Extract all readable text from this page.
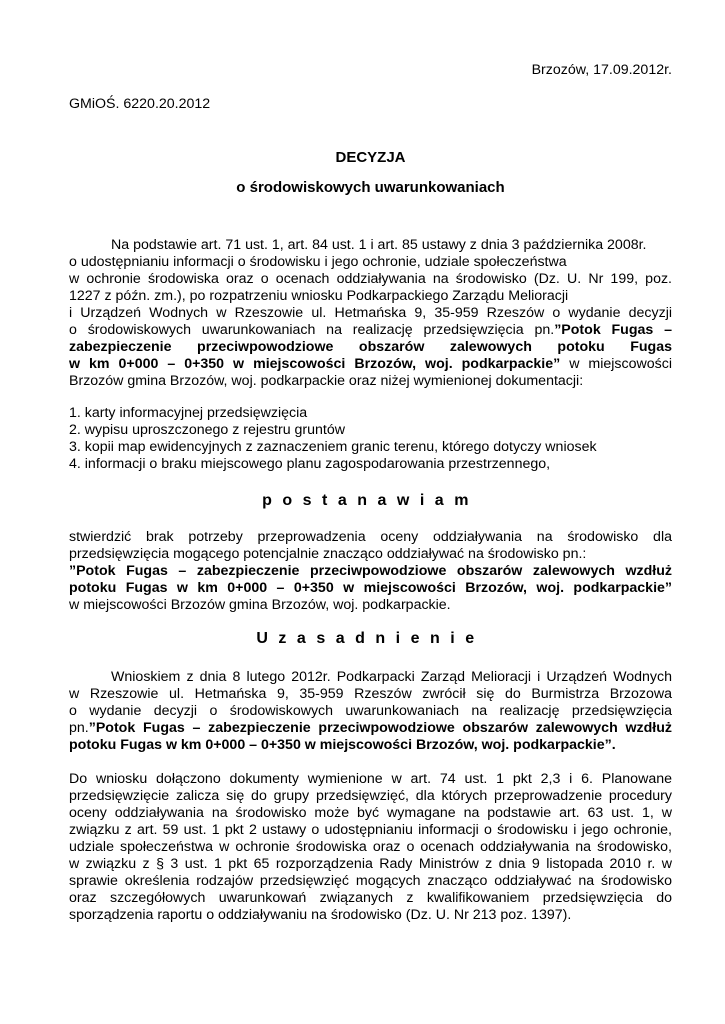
Brzozów, 17.09.2012r.
GMiOŚ. 6220.20.2012
DECYZJA
o środowiskowych uwarunkowaniach
Na podstawie art. 71 ust. 1, art. 84 ust. 1 i art. 85 ustawy z dnia 3 października 2008r.
o udostępnianiu informacji o środowisku i jego ochronie, udziale społeczeństwa
w ochronie środowiska oraz o ocenach oddziaływania na środowisko (Dz. U. Nr 199, poz.
1227 z późn. zm.), po rozpatrzeniu wniosku Podkarpackiego Zarządu Melioracji
i Urządzeń Wodnych w Rzeszowie ul. Hetmańska 9, 35-959 Rzeszów o wydanie decyzji
o środowiskowych uwarunkowaniach na realizację przedsięwzięcia pn.”Potok Fugas –
zabezpieczenie przeciwpowodziowe obszarów zalewowych potoku Fugas
w km 0+000 – 0+350 w miejscowości Brzozów, woj. podkarpackie” w miejscowości
Brzozów gmina Brzozów, woj. podkarpackie oraz niżej wymienionej dokumentacji:
1. karty informacyjnej przedsięwzięcia
2. wypisu uproszczonego z rejestru gruntów
3. kopii map ewidencyjnych z zaznaczeniem granic terenu, którego dotyczy wniosek
4. informacji o braku miejscowego planu zagospodarowania przestrzennego,
postanawiam
stwierdzić brak potrzeby przeprowadzenia oceny oddziaływania na środowisko dla
przedsięwzięcia mogącego potencjalnie znacząco oddziaływać na środowisko pn.:
”Potok Fugas – zabezpieczenie przeciwpowodziowe obszarów zalewowych wzdłuż
potoku Fugas w km 0+000 – 0+350 w miejscowości Brzozów, woj. podkarpackie”
w miejscowości Brzozów gmina Brzozów, woj. podkarpackie.
Uzasadnienie
Wnioskiem z dnia 8 lutego 2012r. Podkarpacki Zarząd Melioracji i Urządzeń Wodnych
w Rzeszowie ul. Hetmańska 9, 35-959 Rzeszów zwrócił się do Burmistrza Brzozowa
o wydanie decyzji o środowiskowych uwarunkowaniach na realizację przedsięwzięcia
pn.”Potok Fugas – zabezpieczenie przeciwpowodziowe obszarów zalewowych wzdłuż
potoku Fugas w km 0+000 – 0+350 w miejscowości Brzozów, woj. podkarpackie”.
Do wniosku dołączono dokumenty wymienione w art. 74 ust. 1 pkt 2,3 i 6. Planowane
przedsięwzięcie zalicza się do grupy przedsięwzięć, dla których przeprowadzenie procedury
oceny oddziaływania na środowisko może być wymagane na podstawie art. 63 ust. 1, w
związku z art. 59 ust. 1 pkt 2 ustawy o udostępnianiu informacji o środowisku i jego ochronie,
udziale społeczeństwa w ochronie środowiska oraz o ocenach oddziaływania na środowisko,
w związku z § 3 ust. 1 pkt 65 rozporządzenia Rady Ministrów z dnia 9 listopada 2010 r. w
sprawie określenia rodzajów przedsięwzięć mogących znacząco oddziaływać na środowisko
oraz szczegółowych uwarunkowań związanych z kwalifikowaniem przedsięwzięcia do
sporządzenia raportu o oddziaływaniu na środowisko (Dz. U. Nr 213 poz. 1397).
